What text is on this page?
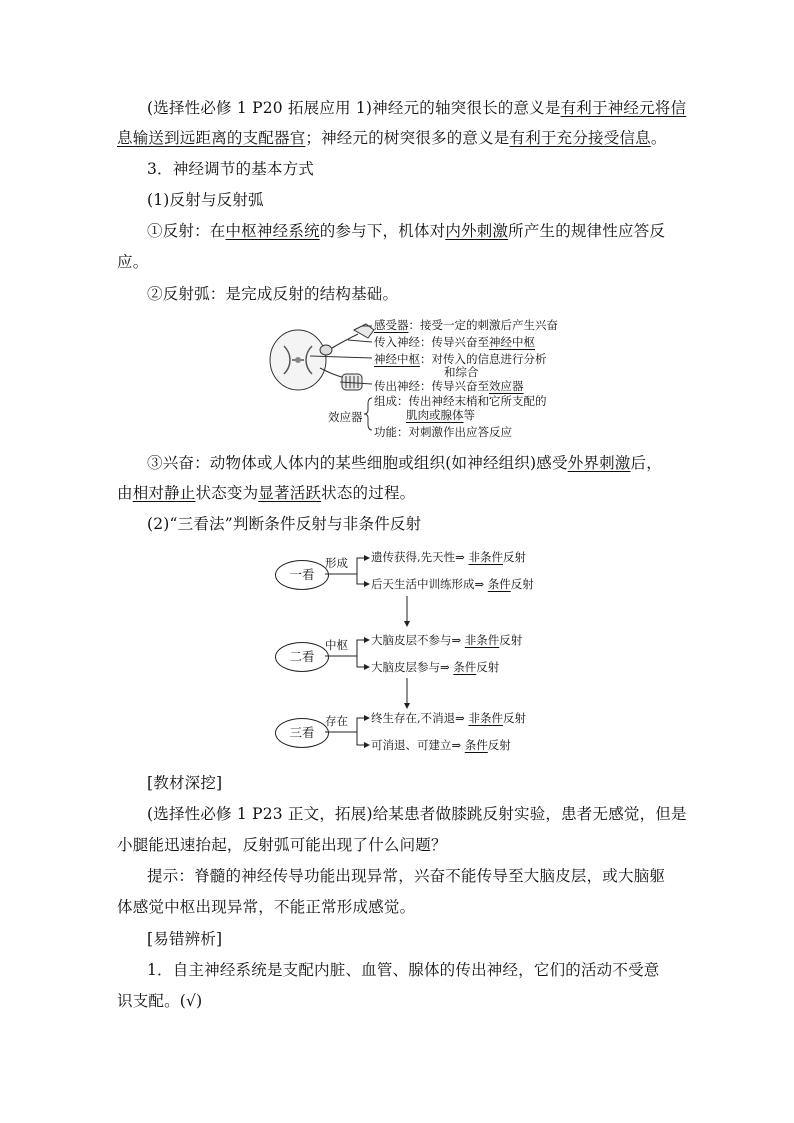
(选择性必修 1 P20 拓展应用 1)神经元的轴突很长的意义是有利于神经元将信
息输送到远距离的支配器官；神经元的树突很多的意义是有利于充分接受信息。
3．神经调节的基本方式
(1)反射与反射弧
①反射：在中枢神经系统的参与下，机体对内外刺激所产生的规律性应答反
应。
②反射弧：是完成反射的结构基础。
感受器：接受一定的刺激后产生兴奋
传入神经：传导兴奋至神经中枢
神经中枢：对传入的信息进行分析
和综合
传出神经：传导兴奋至效应器
效应器
组成：传出神经末梢和它所支配的
肌肉或腺体等
功能：对刺激作出应答反应
③兴奋：动物体或人体内的某些细胞或组织(如神经组织)感受外界刺激后，
由相对静止状态变为显著活跃状态的过程。
(2)“三看法”判断条件反射与非条件反射
一看
形成 遗传获得,先天性⇒ 非条件反射
后天生活中训练形成⇒ 条件反射
二看
中枢 大脑皮层不参与⇒ 非条件反射
大脑皮层参与⇒ 条件反射
三看
存在 终生存在,不消退⇒ 非条件反射
可消退、可建立⇒ 条件反射
[教材深挖]
(选择性必修 1 P23 正文，拓展)给某患者做膝跳反射实验，患者无感觉，但是
小腿能迅速抬起，反射弧可能出现了什么问题？
提示：脊髓的神经传导功能出现异常，兴奋不能传导至大脑皮层，或大脑躯
体感觉中枢出现异常，不能正常形成感觉。
[易错辨析]
1．自主神经系统是支配内脏、血管、腺体的传出神经，它们的活动不受意
识支配。(√)
